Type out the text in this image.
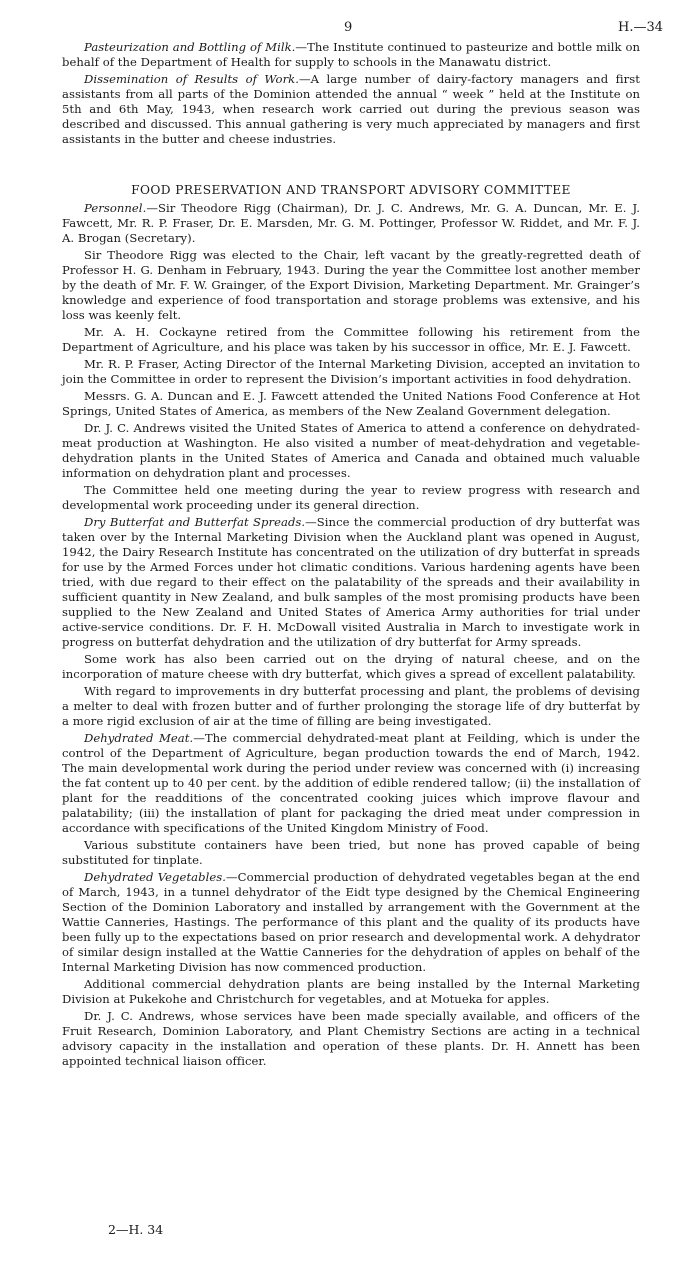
9	H.—34

Pasteurization and Bottling of Milk.—The Institute continued to pasteurize and bottle milk on behalf of the Department of Health for supply to schools in the Manawatu district.

Dissemination of Results of Work.—A large number of dairy-factory managers and first assistants from all parts of the Dominion attended the annual “ week ” held at the Institute on 5th and 6th May, 1943, when research work carried out during the previous season was described and discussed. This annual gathering is very much appreciated by managers and first assistants in the butter and cheese industries.

FOOD PRESERVATION AND TRANSPORT ADVISORY COMMITTEE

Personnel.—Sir Theodore Rigg (Chairman), Dr. J. C. Andrews, Mr. G. A. Duncan, Mr. E. J. Fawcett, Mr. R. P. Fraser, Dr. E. Marsden, Mr. G. M. Pottinger, Professor W. Riddet, and Mr. F. J. A. Brogan (Secretary).

Sir Theodore Rigg was elected to the Chair, left vacant by the greatly-regretted death of Professor H. G. Denham in February, 1943. During the year the Committee lost another member by the death of Mr. F. W. Grainger, of the Export Division, Marketing Department. Mr. Grainger’s knowledge and experience of food transportation and storage problems was extensive, and his loss was keenly felt.

Mr. A. H. Cockayne retired from the Committee following his retirement from the Department of Agriculture, and his place was taken by his successor in office, Mr. E. J. Fawcett.

Mr. R. P. Fraser, Acting Director of the Internal Marketing Division, accepted an invitation to join the Committee in order to represent the Division’s important activities in food dehydration.

Messrs. G. A. Duncan and E. J. Fawcett attended the United Nations Food Conference at Hot Springs, United States of America, as members of the New Zealand Government delegation.

Dr. J. C. Andrews visited the United States of America to attend a conference on dehydrated-meat production at Washington. He also visited a number of meat-dehydration and vegetable-dehydration plants in the United States of America and Canada and obtained much valuable information on dehydration plant and processes.

The Committee held one meeting during the year to review progress with research and developmental work proceeding under its general direction.

Dry Butterfat and Butterfat Spreads.—Since the commercial production of dry butterfat was taken over by the Internal Marketing Division when the Auckland plant was opened in August, 1942, the Dairy Research Institute has concentrated on the utilization of dry butterfat in spreads for use by the Armed Forces under hot climatic conditions. Various hardening agents have been tried, with due regard to their effect on the palatability of the spreads and their availability in sufficient quantity in New Zealand, and bulk samples of the most promising products have been supplied to the New Zealand and United States of America Army authorities for trial under active-service conditions. Dr. F. H. McDowall visited Australia in March to investigate work in progress on butterfat dehydration and the utilization of dry butterfat for Army spreads.

Some work has also been carried out on the drying of natural cheese, and on the incorporation of mature cheese with dry butterfat, which gives a spread of excellent palatability.

With regard to improvements in dry butterfat processing and plant, the problems of devising a melter to deal with frozen butter and of further prolonging the storage life of dry butterfat by a more rigid exclusion of air at the time of filling are being investigated.

Dehydrated Meat.—The commercial dehydrated-meat plant at Feilding, which is under the control of the Department of Agriculture, began production towards the end of March, 1942. The main developmental work during the period under review was concerned with (i) increasing the fat content up to 40 per cent. by the addition of edible rendered tallow; (ii) the installation of plant for the readditions of the concentrated cooking juices which improve flavour and palatability; (iii) the installation of plant for packaging the dried meat under compression in accordance with specifications of the United Kingdom Ministry of Food.

Various substitute containers have been tried, but none has proved capable of being substituted for tinplate.

Dehydrated Vegetables.—Commercial production of dehydrated vegetables began at the end of March, 1943, in a tunnel dehydrator of the Eidt type designed by the Chemical Engineering Section of the Dominion Laboratory and installed by arrangement with the Government at the Wattie Canneries, Hastings. The performance of this plant and the quality of its products have been fully up to the expectations based on prior research and developmental work. A dehydrator of similar design installed at the Wattie Canneries for the dehydration of apples on behalf of the Internal Marketing Division has now commenced production.

Additional commercial dehydration plants are being installed by the Internal Marketing Division at Pukekohe and Christchurch for vegetables, and at Motueka for apples.

Dr. J. C. Andrews, whose services have been made specially available, and officers of the Fruit Research, Dominion Laboratory, and Plant Chemistry Sections are acting in a technical advisory capacity in the installation and operation of these plants. Dr. H. Annett has been appointed technical liaison officer.

2—H. 34
